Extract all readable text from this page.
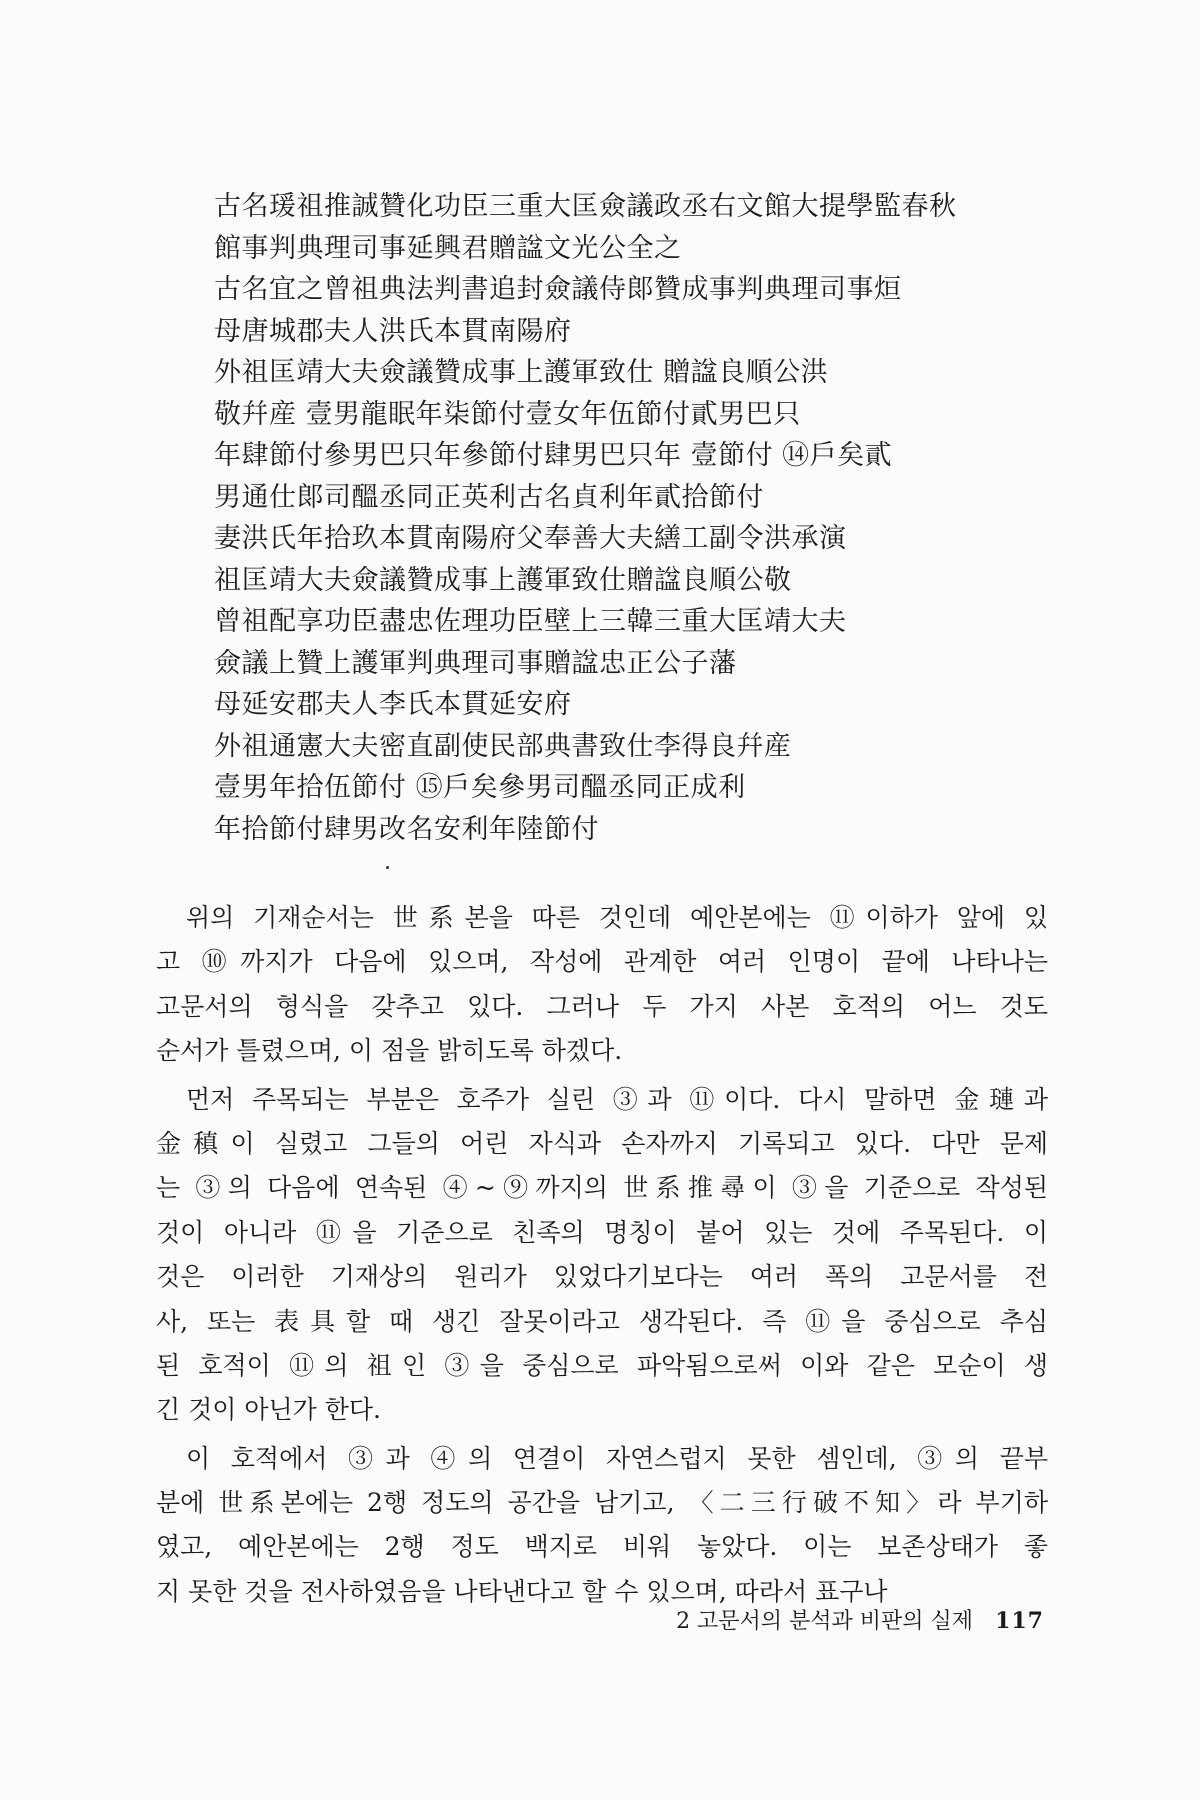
古名瑗祖推誠贊化功臣三重大匡僉議政丞右文館大提學監春秋
館事判典理司事延興君贈諡文光公全之
古名宜之曾祖典法判書追封僉議侍郞贊成事判典理司事烜
母唐城郡夫人洪氏本貫南陽府
外祖匡靖大夫僉議贊成事上護軍致仕 贈諡良順公洪
敬幷産 壹男龍眠年柒節付壹女年伍節付貳男巴只
年肆節付參男巴只年參節付肆男巴只年 壹節付 ⑭戶矣貳
男通仕郞司醞丞同正英利古名貞利年貳拾節付
妻洪氏年拾玖本貫南陽府父奉善大夫繕工副令洪承演
祖匡靖大夫僉議贊成事上護軍致仕贈諡良順公敬
曾祖配享功臣盡忠佐理功臣壁上三韓三重大匡靖大夫
僉議上贊上護軍判典理司事贈諡忠正公子藩
母延安郡夫人李氏本貫延安府
外祖通憲大夫密直副使民部典書致仕李得良幷産
壹男年拾伍節付 ⑮戶矣參男司醞丞同正成利
年拾節付肆男改名安利年陸節付

위의 기재순서는 世系본을 따른 것인데 예안본에는 ⑪이하가 앞에 있
고 ⑩까지가 다음에 있으며, 작성에 관계한 여러 인명이 끝에 나타나는
고문서의 형식을 갖추고 있다. 그러나 두 가지 사본 호적의 어느 것도
순서가 틀렸으며, 이 점을 밝히도록 하겠다.

먼저 주목되는 부분은 호주가 실린 ③과 ⑪이다. 다시 말하면 金璉과
金稹이 실렸고 그들의 어린 자식과 손자까지 기록되고 있다. 다만 문제
는 ③의 다음에 연속된 ④~⑨까지의 世系推尋이 ③을 기준으로 작성된
것이 아니라 ⑪을 기준으로 친족의 명칭이 붙어 있는 것에 주목된다. 이
것은 이러한 기재상의 원리가 있었다기보다는 여러 폭의 고문서를 전
사, 또는 表具할 때 생긴 잘못이라고 생각된다. 즉 ⑪을 중심으로 추심
된 호적이 ⑪의 祖인 ③을 중심으로 파악됨으로써 이와 같은 모순이 생
긴 것이 아닌가 한다.

이 호적에서 ③과 ④의 연결이 자연스럽지 못한 셈인데, ③의 끝부
분에 世系본에는 2행 정도의 공간을 남기고, 〈二三行破不知〉라 부기하
였고, 예안본에는 2행 정도 백지로 비워 놓았다. 이는 보존상태가 좋
지 못한 것을 전사하였음을 나타낸다고 할 수 있으며, 따라서 표구나

2 고문서의 분석과 비판의 실제 117
